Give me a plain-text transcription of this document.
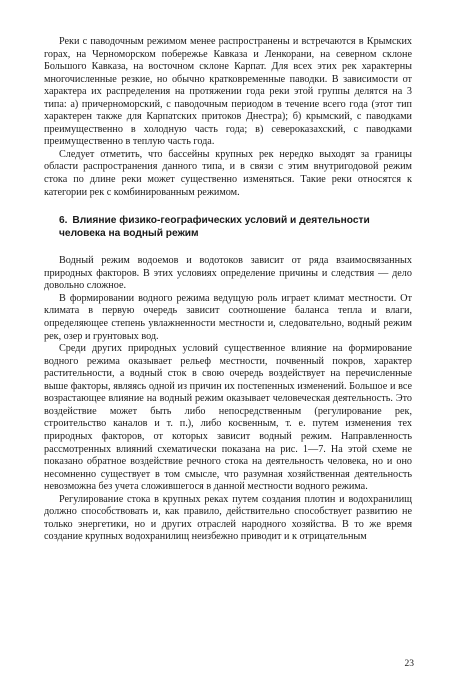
Реки с паводочным режимом менее распространены и встречаются в Крымских горах, на Черноморском побережье Кавказа и Ленкорани, на северном склоне Большого Кавказа, на восточном склоне Карпат. Для всех этих рек характерны многочисленные резкие, но обычно кратковременные паводки. В зависимости от характера их распределения на протяжении года реки этой группы делятся на 3 типа: а) причерноморский, с паводочным периодом в течение всего года (этот тип характерен также для Карпатских притоков Днестра); б) крымский, с паводками преимущественно в холодную часть года; в) североказахский, с паводками преимущественно в теплую часть года.

Следует отметить, что бассейны крупных рек нередко выходят за границы области распространения данного типа, и в связи с этим внутригодовой режим стока по длине реки может существенно изменяться. Такие реки относятся к категории рек с комбинированным режимом.

6. Влияние физико-географических условий и деятельности человека на водный режим

Водный режим водоемов и водотоков зависит от ряда взаимосвязанных природных факторов. В этих условиях определение причины и следствия — дело довольно сложное.

В формировании водного режима ведущую роль играет климат местности. От климата в первую очередь зависит соотношение баланса тепла и влаги, определяющее степень увлажненности местности и, следовательно, водный режим рек, озер и грунтовых вод.

Среди других природных условий существенное влияние на формирование водного режима оказывает рельеф местности, почвенный покров, характер растительности, а водный сток в свою очередь воздействует на перечисленные выше факторы, являясь одной из причин их постепенных изменений. Большое и все возрастающее влияние на водный режим оказывает человеческая деятельность. Это воздействие может быть либо непосредственным (регулирование рек, строительство каналов и т. п.), либо косвенным, т. е. путем изменения тех природных факторов, от которых зависит водный режим. Направленность рассмотренных влияний схематически показана на рис. 1—7. На этой схеме не показано обратное воздействие речного стока на деятельность человека, но и оно несомненно существует в том смысле, что разумная хозяйственная деятельность невозможна без учета сложившегося в данной местности водного режима.

Регулирование стока в крупных реках путем создания плотин и водохранилищ должно способствовать и, как правило, действительно способствует развитию не только энергетики, но и других отраслей народного хозяйства. В то же время создание крупных водохранилищ неизбежно приводит и к отрицательным

23
